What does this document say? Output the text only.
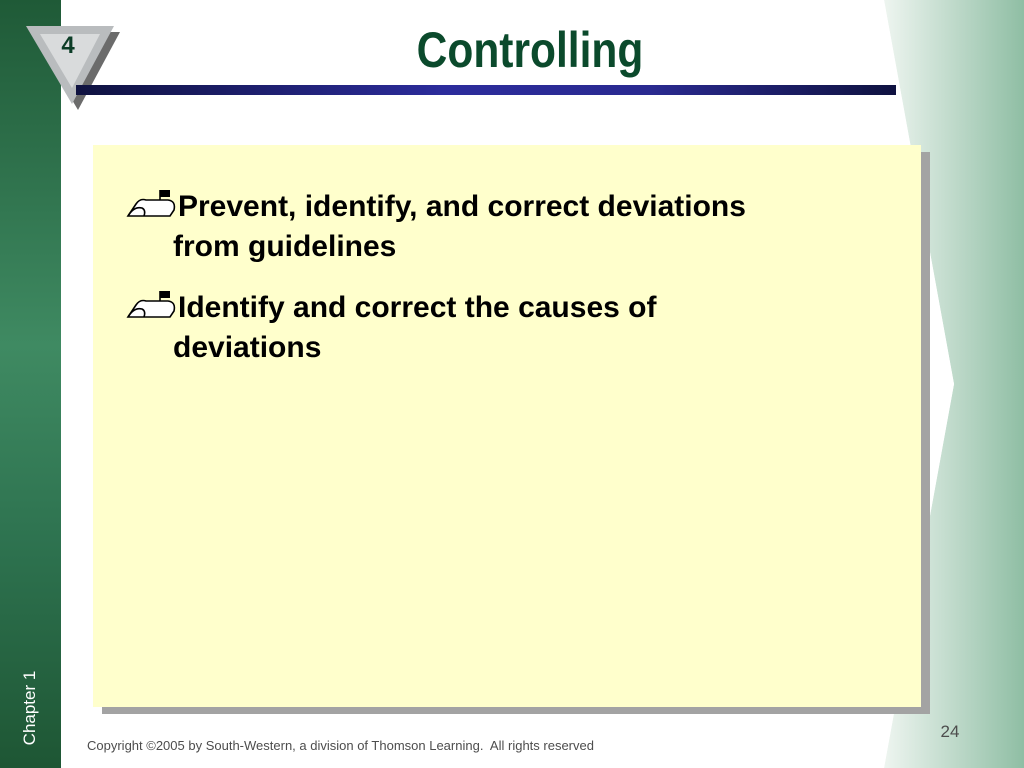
Chapter 1
4	Controlling
Prevent, identify, and correct deviations
from guidelines
Identify and correct the causes of
deviations
24
Copyright ©2005 by South-Western, a division of Thomson Learning.  All rights reserved
